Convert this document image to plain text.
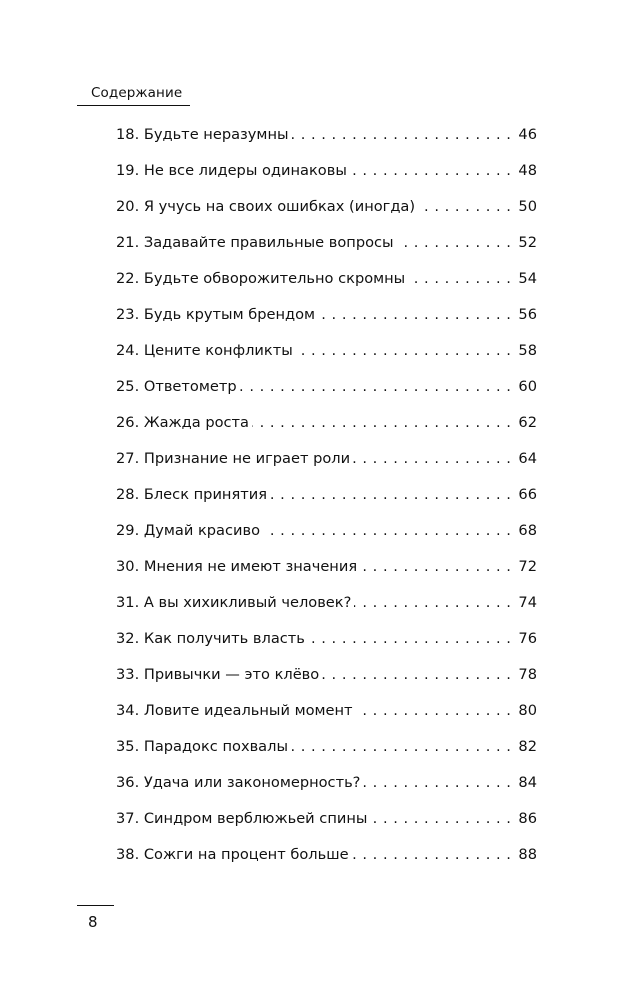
Содержание
18. Будьте неразумны . . .	46
19. Не все лидеры одинаковы . . .	48
20. Я учусь на своих ошибках (иногда) . . .	50
21. Задавайте правильные вопросы . . .	52
22. Будьте обворожительно скромны . . .	54
23. Будь крутым брендом . . .	56
24. Цените конфликты . . .	58
25. Ответометр . . .	60
26. Жажда роста . . .	62
27. Признание не играет роли . . .	64
28. Блеск принятия . . .	66
29. Думай красиво . . .	68
30. Мнения не имеют значения . . .	72
31. А вы хихикливый человек? . . .	74
32. Как получить власть . . .	76
33. Привычки — это клёво . . .	78
34. Ловите идеальный момент . . .	80
35. Парадокс похвалы . . .	82
36. Удача или закономерность? . . .	84
37. Синдром верблюжьей спины . . .	86
38. Сожги на процент больше . . .	88
8
